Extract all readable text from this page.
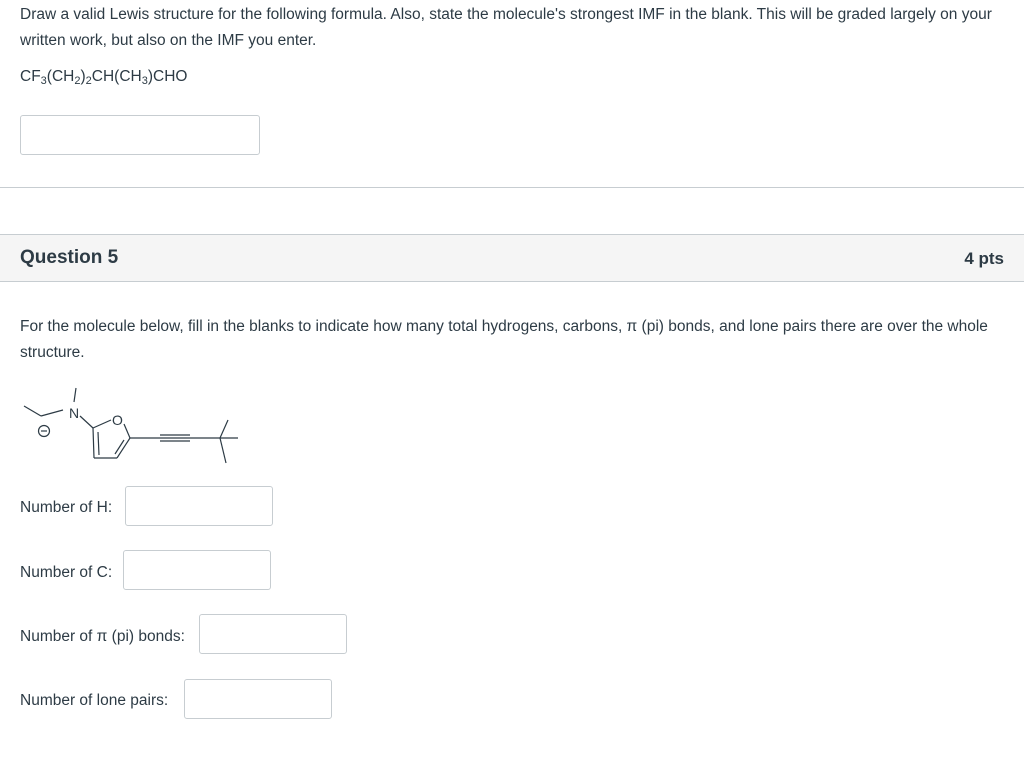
Draw a valid Lewis structure for the following formula. Also, state the molecule's strongest IMF in the blank. This will be graded largely on your written work, but also on the IMF you enter.
$CF_3(CH_2)_2CH(CH_3)CHO$
Question 5	4 pts
For the molecule below, fill in the blanks to indicate how many total hydrogens, carbons, π (pi) bonds, and lone pairs there are over the whole structure.
N O
Number of H:
Number of C:
Number of π (pi) bonds:
Number of lone pairs:
